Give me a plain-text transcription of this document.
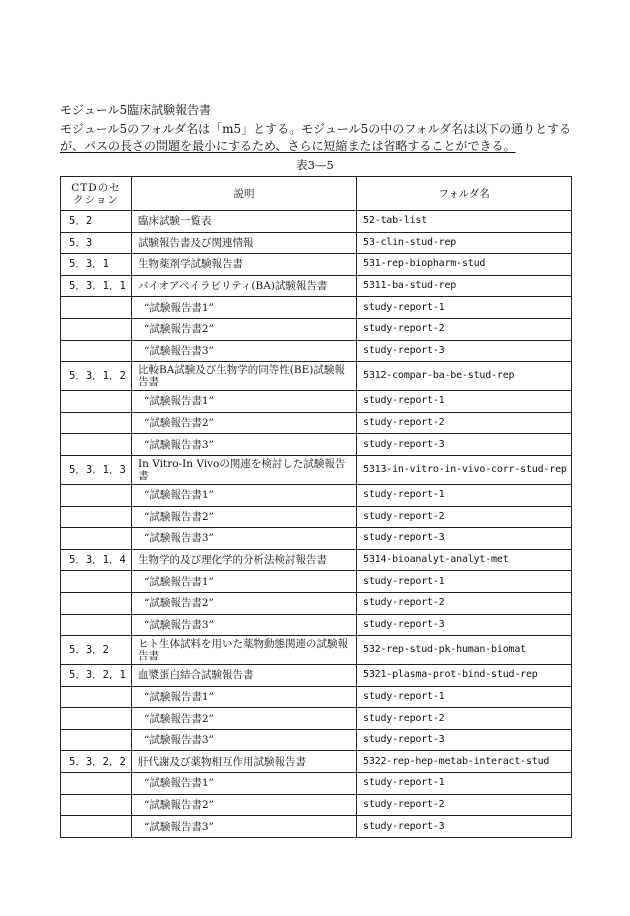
モジュール5臨床試験報告書
モジュール5のフォルダ名は「m5」とする。モジュール5の中のフォルダ名は以下の通りとする
が、パスの長さの問題を最小にするため、さらに短縮または省略することができる。
表3—5
CTDのセクション	説明	フォルダ名
5．2	臨床試験一覧表	52-tab-list
5．3	試験報告書及び関連情報	53-clin-stud-rep
5．3．1	生物薬剤学試験報告書	531-rep-biopharm-stud
5．3．1．1	バイオアベイラビリティ(BA)試験報告書	5311-ba-stud-rep
	“試験報告書1”	study-report-1
	“試験報告書2”	study-report-2
	“試験報告書3”	study-report-3
5．3．1．2	比較BA試験及び生物学的同等性(BE)試験報告書	5312-compar-ba-be-stud-rep
	“試験報告書1”	study-report-1
	“試験報告書2”	study-report-2
	“試験報告書3”	study-report-3
5．3．1．3	In Vitro-In Vivoの関連を検討した試験報告書	5313-in-vitro-in-vivo-corr-stud-rep
	“試験報告書1”	study-report-1
	“試験報告書2”	study-report-2
	“試験報告書3”	study-report-3
5．3．1．4	生物学的及び理化学的分析法検討報告書	5314-bioanalyt-analyt-met
	“試験報告書1”	study-report-1
	“試験報告書2”	study-report-2
	“試験報告書3”	study-report-3
5．3．2	ヒト生体試料を用いた薬物動態関連の試験報告書	532-rep-stud-pk-human-biomat
5．3．2．1	血漿蛋白結合試験報告書	5321-plasma-prot-bind-stud-rep
	“試験報告書1”	study-report-1
	“試験報告書2”	study-report-2
	“試験報告書3”	study-report-3
5．3．2．2	肝代謝及び薬物相互作用試験報告書	5322-rep-hep-metab-interact-stud
	“試験報告書1”	study-report-1
	“試験報告書2”	study-report-2
	“試験報告書3”	study-report-3
